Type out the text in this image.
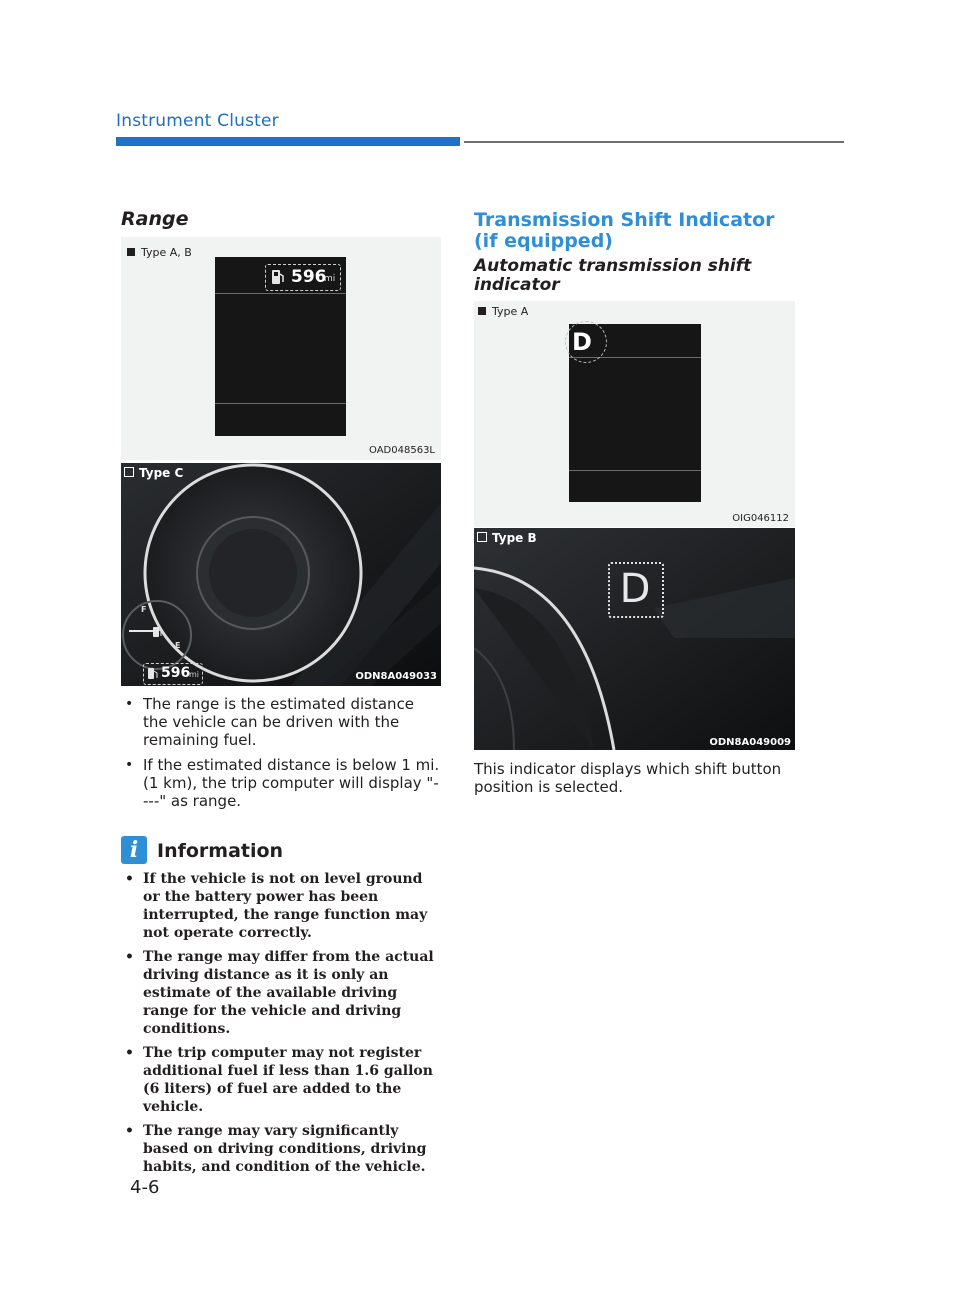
Instrument Cluster
Range
Type A, B
596
mi
OAD048563L
F
E
596
mi
Type C
ODN8A049033
• The range is the estimated distance the vehicle can be driven with the remaining fuel.
• If the estimated distance is below 1 mi. (1 km), the trip computer will display "----" as range.
i Information
• If the vehicle is not on level ground or the battery power has been interrupted, the range function may not operate correctly.
• The range may differ from the actual driving distance as it is only an estimate of the available driving range for the vehicle and driving conditions.
• The trip computer may not register additional fuel if less than 1.6 gallon (6 liters) of fuel are added to the vehicle.
• The range may vary significantly based on driving conditions, driving habits, and condition of the vehicle.
Transmission Shift Indicator
(if equipped)
Automatic transmission shift
indicator
Type A
D
OIG046112
D
Type B
ODN8A049009
This indicator displays which shift button position is selected.
4-6
